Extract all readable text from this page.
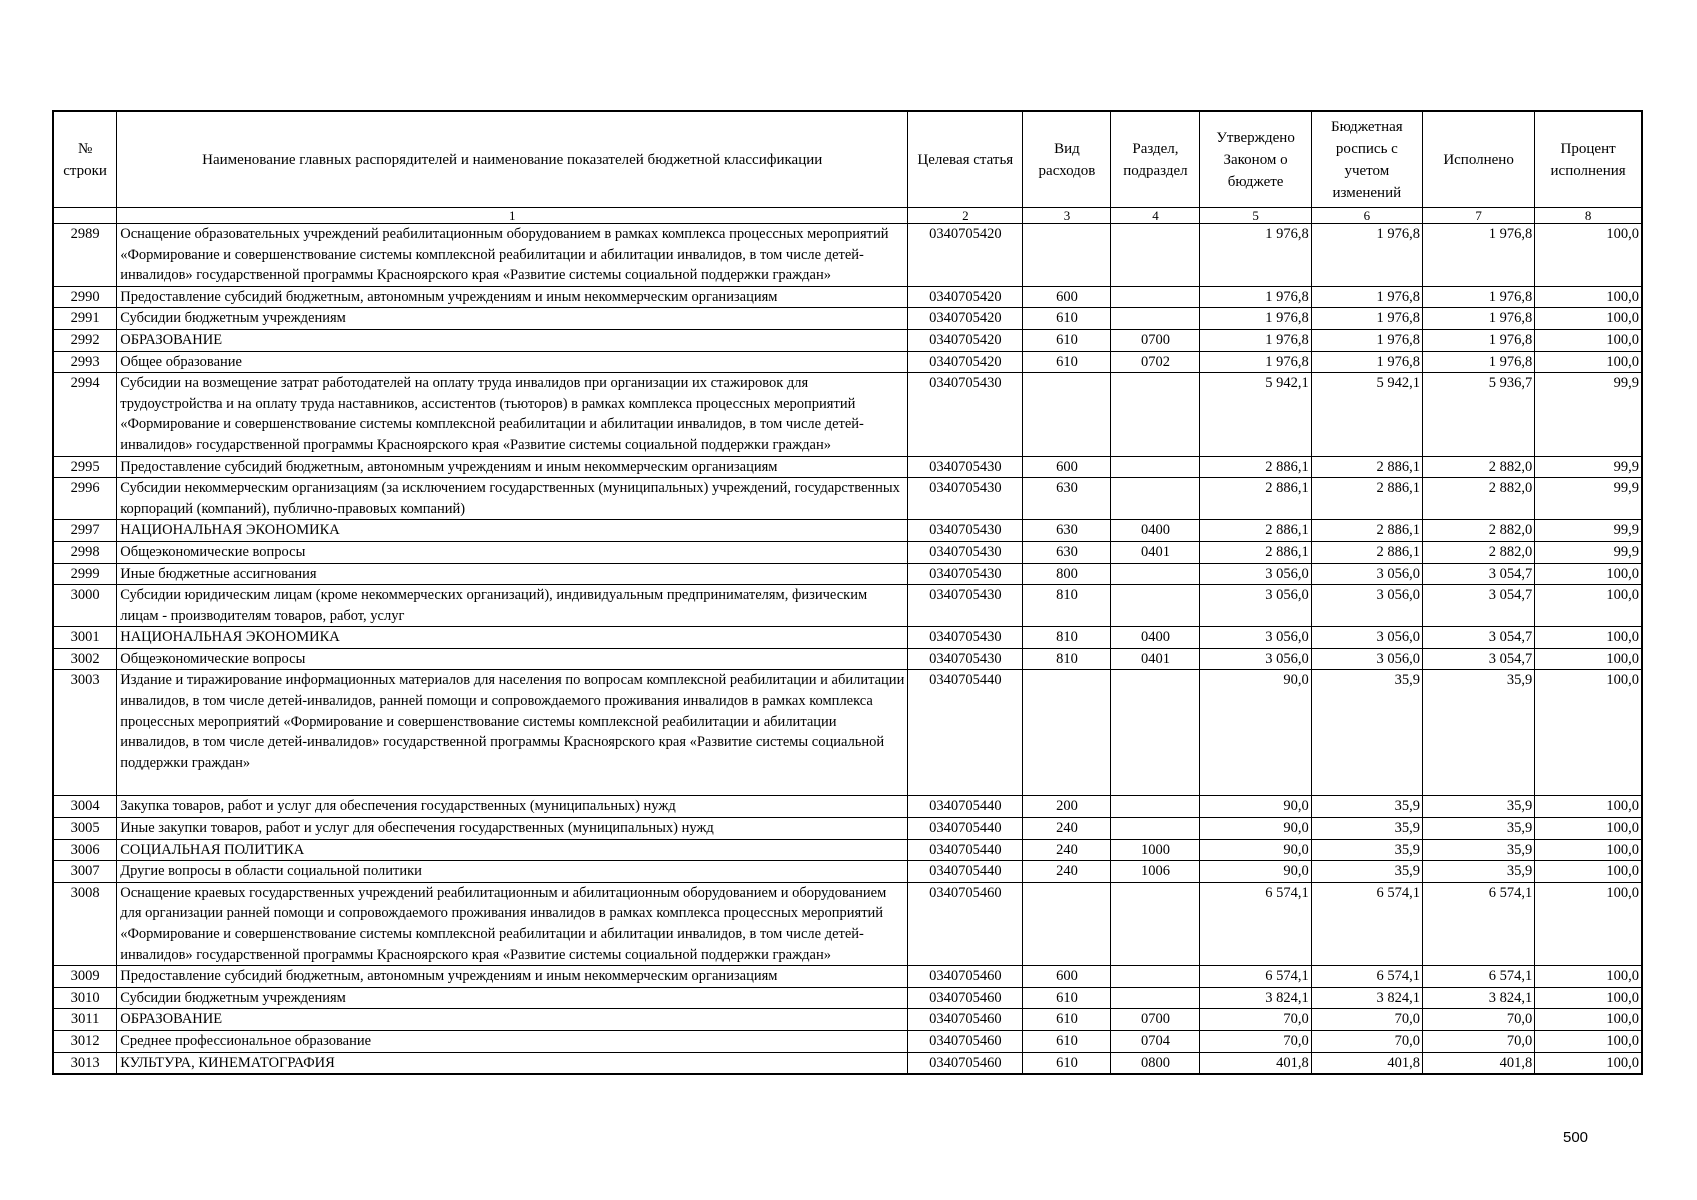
№ строки	Наименование главных распорядителей и наименование показателей бюджетной классификации	Целевая статья	Вид расходов	Раздел, подраздел	Утверждено Законом о бюджете	Бюджетная роспись с учетом изменений	Исполнено	Процент исполнения
	1	2	3	4	5	6	7	8
2989	Оснащение образовательных учреждений реабилитационным оборудованием в рамках комплекса процессных мероприятий «Формирование и совершенствование системы комплексной реабилитации и абилитации инвалидов, в том числе детей-инвалидов» государственной программы Красноярского края «Развитие системы социальной поддержки граждан»	0340705420			1 976,8	1 976,8	1 976,8	100,0
2990	Предоставление субсидий бюджетным, автономным учреждениям и иным некоммерческим организациям	0340705420	600		1 976,8	1 976,8	1 976,8	100,0
2991	Субсидии бюджетным учреждениям	0340705420	610		1 976,8	1 976,8	1 976,8	100,0
2992	ОБРАЗОВАНИЕ	0340705420	610	0700	1 976,8	1 976,8	1 976,8	100,0
2993	Общее образование	0340705420	610	0702	1 976,8	1 976,8	1 976,8	100,0
2994	Субсидии на возмещение затрат работодателей на оплату труда инвалидов при организации их стажировок для трудоустройства и на оплату труда наставников, ассистентов (тьюторов) в рамках комплекса процессных мероприятий «Формирование и совершенствование системы комплексной реабилитации и абилитации инвалидов, в том числе детей-инвалидов» государственной программы Красноярского края «Развитие системы социальной поддержки граждан»	0340705430			5 942,1	5 942,1	5 936,7	99,9
2995	Предоставление субсидий бюджетным, автономным учреждениям и иным некоммерческим организациям	0340705430	600		2 886,1	2 886,1	2 882,0	99,9
2996	Субсидии некоммерческим организациям (за исключением государственных (муниципальных) учреждений, государственных корпораций (компаний), публично-правовых компаний)	0340705430	630		2 886,1	2 886,1	2 882,0	99,9
2997	НАЦИОНАЛЬНАЯ ЭКОНОМИКА	0340705430	630	0400	2 886,1	2 886,1	2 882,0	99,9
2998	Общеэкономические вопросы	0340705430	630	0401	2 886,1	2 886,1	2 882,0	99,9
2999	Иные бюджетные ассигнования	0340705430	800		3 056,0	3 056,0	3 054,7	100,0
3000	Субсидии юридическим лицам (кроме некоммерческих организаций), индивидуальным предпринимателям, физическим лицам - производителям товаров, работ, услуг	0340705430	810		3 056,0	3 056,0	3 054,7	100,0
3001	НАЦИОНАЛЬНАЯ ЭКОНОМИКА	0340705430	810	0400	3 056,0	3 056,0	3 054,7	100,0
3002	Общеэкономические вопросы	0340705430	810	0401	3 056,0	3 056,0	3 054,7	100,0
3003	Издание и тиражирование информационных материалов для населения по вопросам комплексной реабилитации и абилитации инвалидов, в том числе детей-инвалидов, ранней помощи и сопровождаемого проживания инвалидов в рамках комплекса процессных мероприятий «Формирование и совершенствование системы комплексной реабилитации и абилитации инвалидов, в том числе детей-инвалидов» государственной программы Красноярского края «Развитие системы социальной поддержки граждан»	0340705440			90,0	35,9	35,9	100,0
3004	Закупка товаров, работ и услуг для обеспечения государственных (муниципальных) нужд	0340705440	200		90,0	35,9	35,9	100,0
3005	Иные закупки товаров, работ и услуг для обеспечения государственных (муниципальных) нужд	0340705440	240		90,0	35,9	35,9	100,0
3006	СОЦИАЛЬНАЯ ПОЛИТИКА	0340705440	240	1000	90,0	35,9	35,9	100,0
3007	Другие вопросы в области социальной политики	0340705440	240	1006	90,0	35,9	35,9	100,0
3008	Оснащение краевых государственных учреждений реабилитационным и абилитационным оборудованием и оборудованием для организации ранней помощи и сопровождаемого проживания инвалидов в рамках комплекса процессных мероприятий «Формирование и совершенствование системы комплексной реабилитации и абилитации инвалидов, в том числе детей-инвалидов» государственной программы Красноярского края «Развитие системы социальной поддержки граждан»	0340705460			6 574,1	6 574,1	6 574,1	100,0
3009	Предоставление субсидий бюджетным, автономным учреждениям и иным некоммерческим организациям	0340705460	600		6 574,1	6 574,1	6 574,1	100,0
3010	Субсидии бюджетным учреждениям	0340705460	610		3 824,1	3 824,1	3 824,1	100,0
3011	ОБРАЗОВАНИЕ	0340705460	610	0700	70,0	70,0	70,0	100,0
3012	Среднее профессиональное образование	0340705460	610	0704	70,0	70,0	70,0	100,0
3013	КУЛЬТУРА, КИНЕМАТОГРАФИЯ	0340705460	610	0800	401,8	401,8	401,8	100,0
500
